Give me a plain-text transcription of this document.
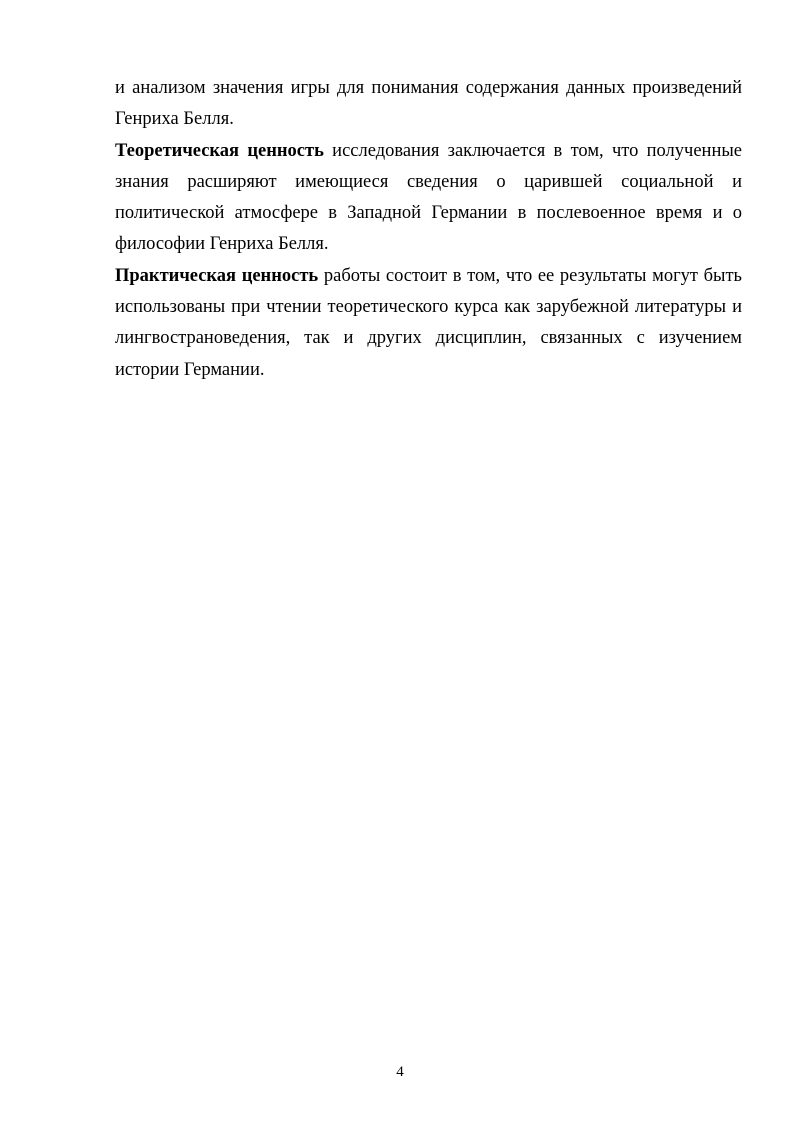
и анализом значения игры для понимания содержания данных произведений Генриха Белля.

Теоретическая ценность исследования заключается в том, что полученные знания расширяют имеющиеся сведения о царившей социальной и политической атмосфере в Западной Германии в послевоенное время и о философии Генриха Белля.

Практическая ценность работы состоит в том, что ее результаты могут быть использованы при чтении теоретического курса как зарубежной литературы и лингвострановедения, так и других дисциплин, связанных с изучением истории Германии.

4
